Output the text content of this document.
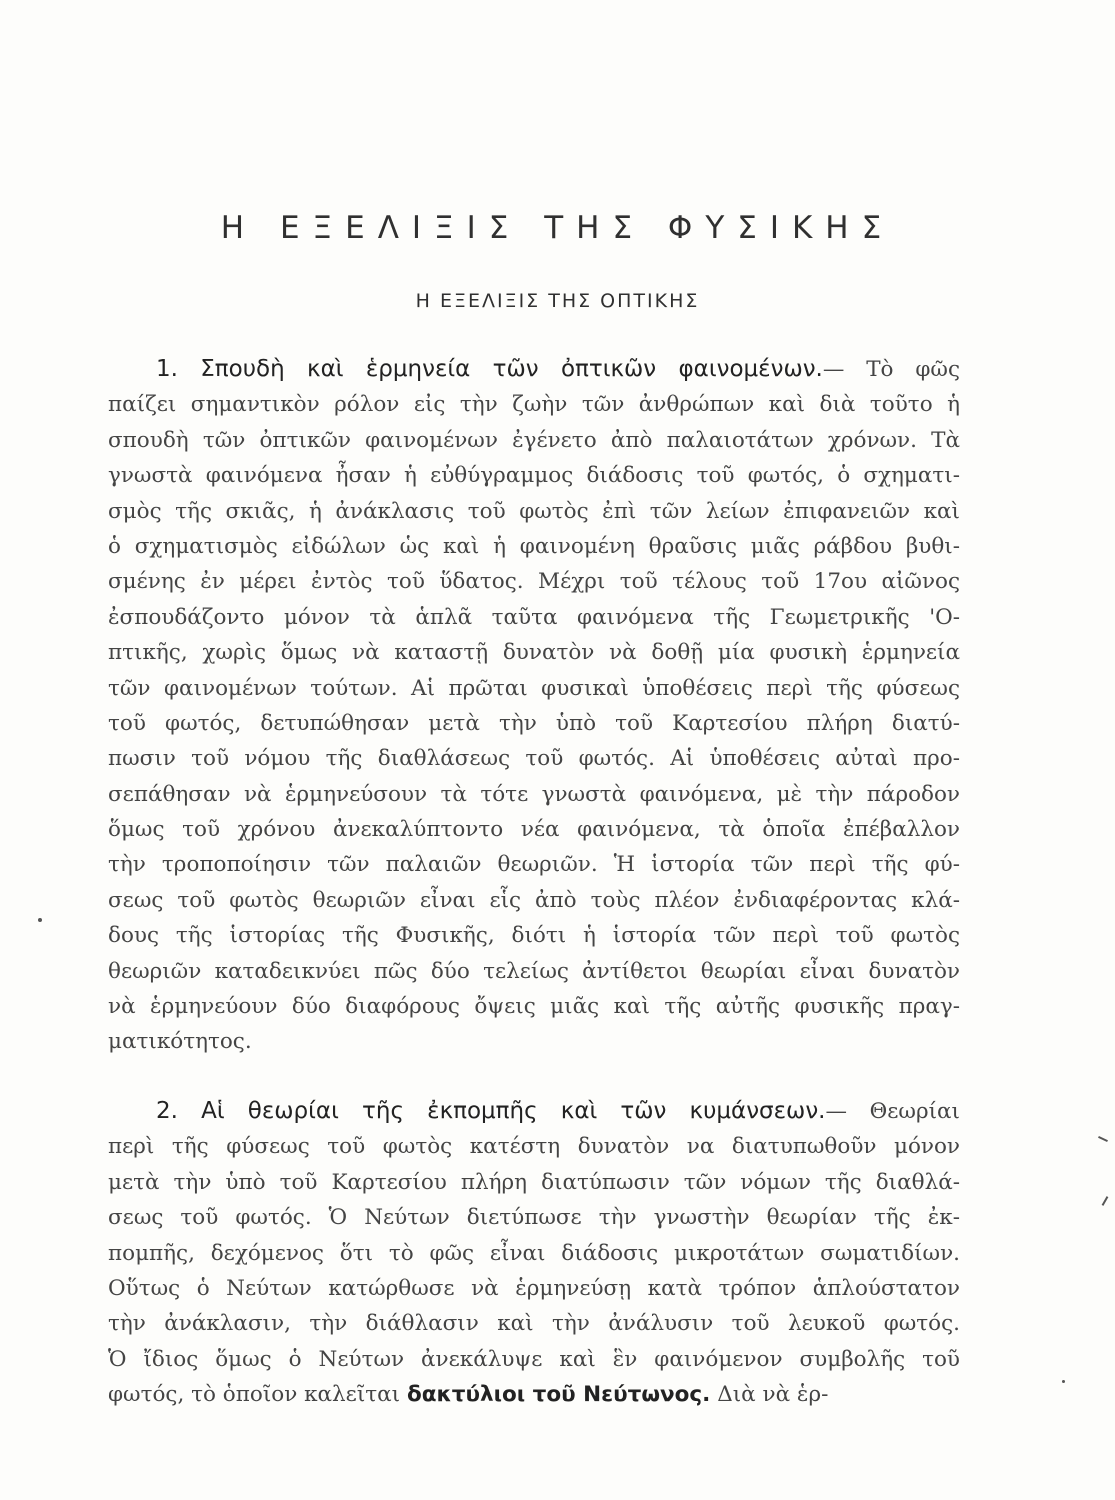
Η ΕΞΕΛΙΞΙΣ ΤΗΣ ΦΥΣΙΚΗΣ
Η ΕΞΕΛΙΞΙΣ ΤΗΣ ΟΠΤΙΚΗΣ
1. Σπουδὴ καὶ ἑρμηνεία τῶν ὀπτικῶν φαινομένων.— Τὸ φῶς
παίζει σημαντικὸν ρόλον εἰς τὴν ζωὴν τῶν ἀνθρώπων καὶ διὰ τοῦτο ἡ
σπουδὴ τῶν ὀπτικῶν φαινομένων ἐγένετο ἀπὸ παλαιοτάτων χρόνων. Τὰ
γνωστὰ φαινόμενα ἦσαν ἡ εὐθύγραμμος διάδοσις τοῦ φωτός, ὁ σχηματι-
σμὸς τῆς σκιᾶς, ἡ ἀνάκλασις τοῦ φωτὸς ἐπὶ τῶν λείων ἐπιφανειῶν καὶ
ὁ σχηματισμὸς εἰδώλων ὡς καὶ ἡ φαινομένη θραῦσις μιᾶς ράβδου βυθι-
σμένης ἐν μέρει ἐντὸς τοῦ ὕδατος. Μέχρι τοῦ τέλους τοῦ 17ου αἰῶνος
ἐσπουδάζοντο μόνον τὰ ἁπλᾶ ταῦτα φαινόμενα τῆς Γεωμετρικῆς 'Ο-
πτικῆς, χωρὶς ὅμως νὰ καταστῇ δυνατὸν νὰ δοθῇ μία φυσικὴ ἑρμηνεία
τῶν φαινομένων τούτων. Αἱ πρῶται φυσικαὶ ὑποθέσεις περὶ τῆς φύσεως
τοῦ φωτός, δετυπώθησαν μετὰ τὴν ὑπὸ τοῦ Καρτεσίου πλήρη διατύ-
πωσιν τοῦ νόμου τῆς διαθλάσεως τοῦ φωτός. Αἱ ὑποθέσεις αὐταὶ προ-
σεπάθησαν νὰ ἑρμηνεύσουν τὰ τότε γνωστὰ φαινόμενα, μὲ τὴν πάροδον
ὅμως τοῦ χρόνου ἀνεκαλύπτοντο νέα φαινόμενα, τὰ ὁποῖα ἐπέβαλλον
τὴν τροποποίησιν τῶν παλαιῶν θεωριῶν. Ἡ ἱστορία τῶν περὶ τῆς φύ-
σεως τοῦ φωτὸς θεωριῶν εἶναι εἷς ἀπὸ τοὺς πλέον ἐνδιαφέροντας κλά-
δους τῆς ἱστορίας τῆς Φυσικῆς, διότι ἡ ἱστορία τῶν περὶ τοῦ φωτὸς
θεωριῶν καταδεικνύει πῶς δύο τελείως ἀντίθετοι θεωρίαι εἶναι δυνατὸν
νὰ ἑρμηνεύουν δύο διαφόρους ὄψεις μιᾶς καὶ τῆς αὐτῆς φυσικῆς πραγ-
ματικότητος.
2. Αἱ θεωρίαι τῆς ἐκπομπῆς καὶ τῶν κυμάνσεων.— Θεωρίαι
περὶ τῆς φύσεως τοῦ φωτὸς κατέστη δυνατὸν να διατυπωθοῦν μόνον
μετὰ τὴν ὑπὸ τοῦ Καρτεσίου πλήρη διατύπωσιν τῶν νόμων τῆς διαθλά-
σεως τοῦ φωτός. Ὁ Νεύτων διετύπωσε τὴν γνωστὴν θεωρίαν τῆς ἐκ-
πομπῆς, δεχόμενος ὅτι τὸ φῶς εἶναι διάδοσις μικροτάτων σωματιδίων.
Οὕτως ὁ Νεύτων κατώρθωσε νὰ ἑρμηνεύσῃ κατὰ τρόπον ἁπλούστατον
τὴν ἀνάκλασιν, τὴν διάθλασιν καὶ τὴν ἀνάλυσιν τοῦ λευκοῦ φωτός.
Ὁ ἴδιος ὅμως ὁ Νεύτων ἀνεκάλυψε καὶ ἓν φαινόμενον συμβολῆς τοῦ
φωτός, τὸ ὁποῖον καλεῖται δακτύλιοι τοῦ Νεύτωνος. Διὰ νὰ ἑρ-
